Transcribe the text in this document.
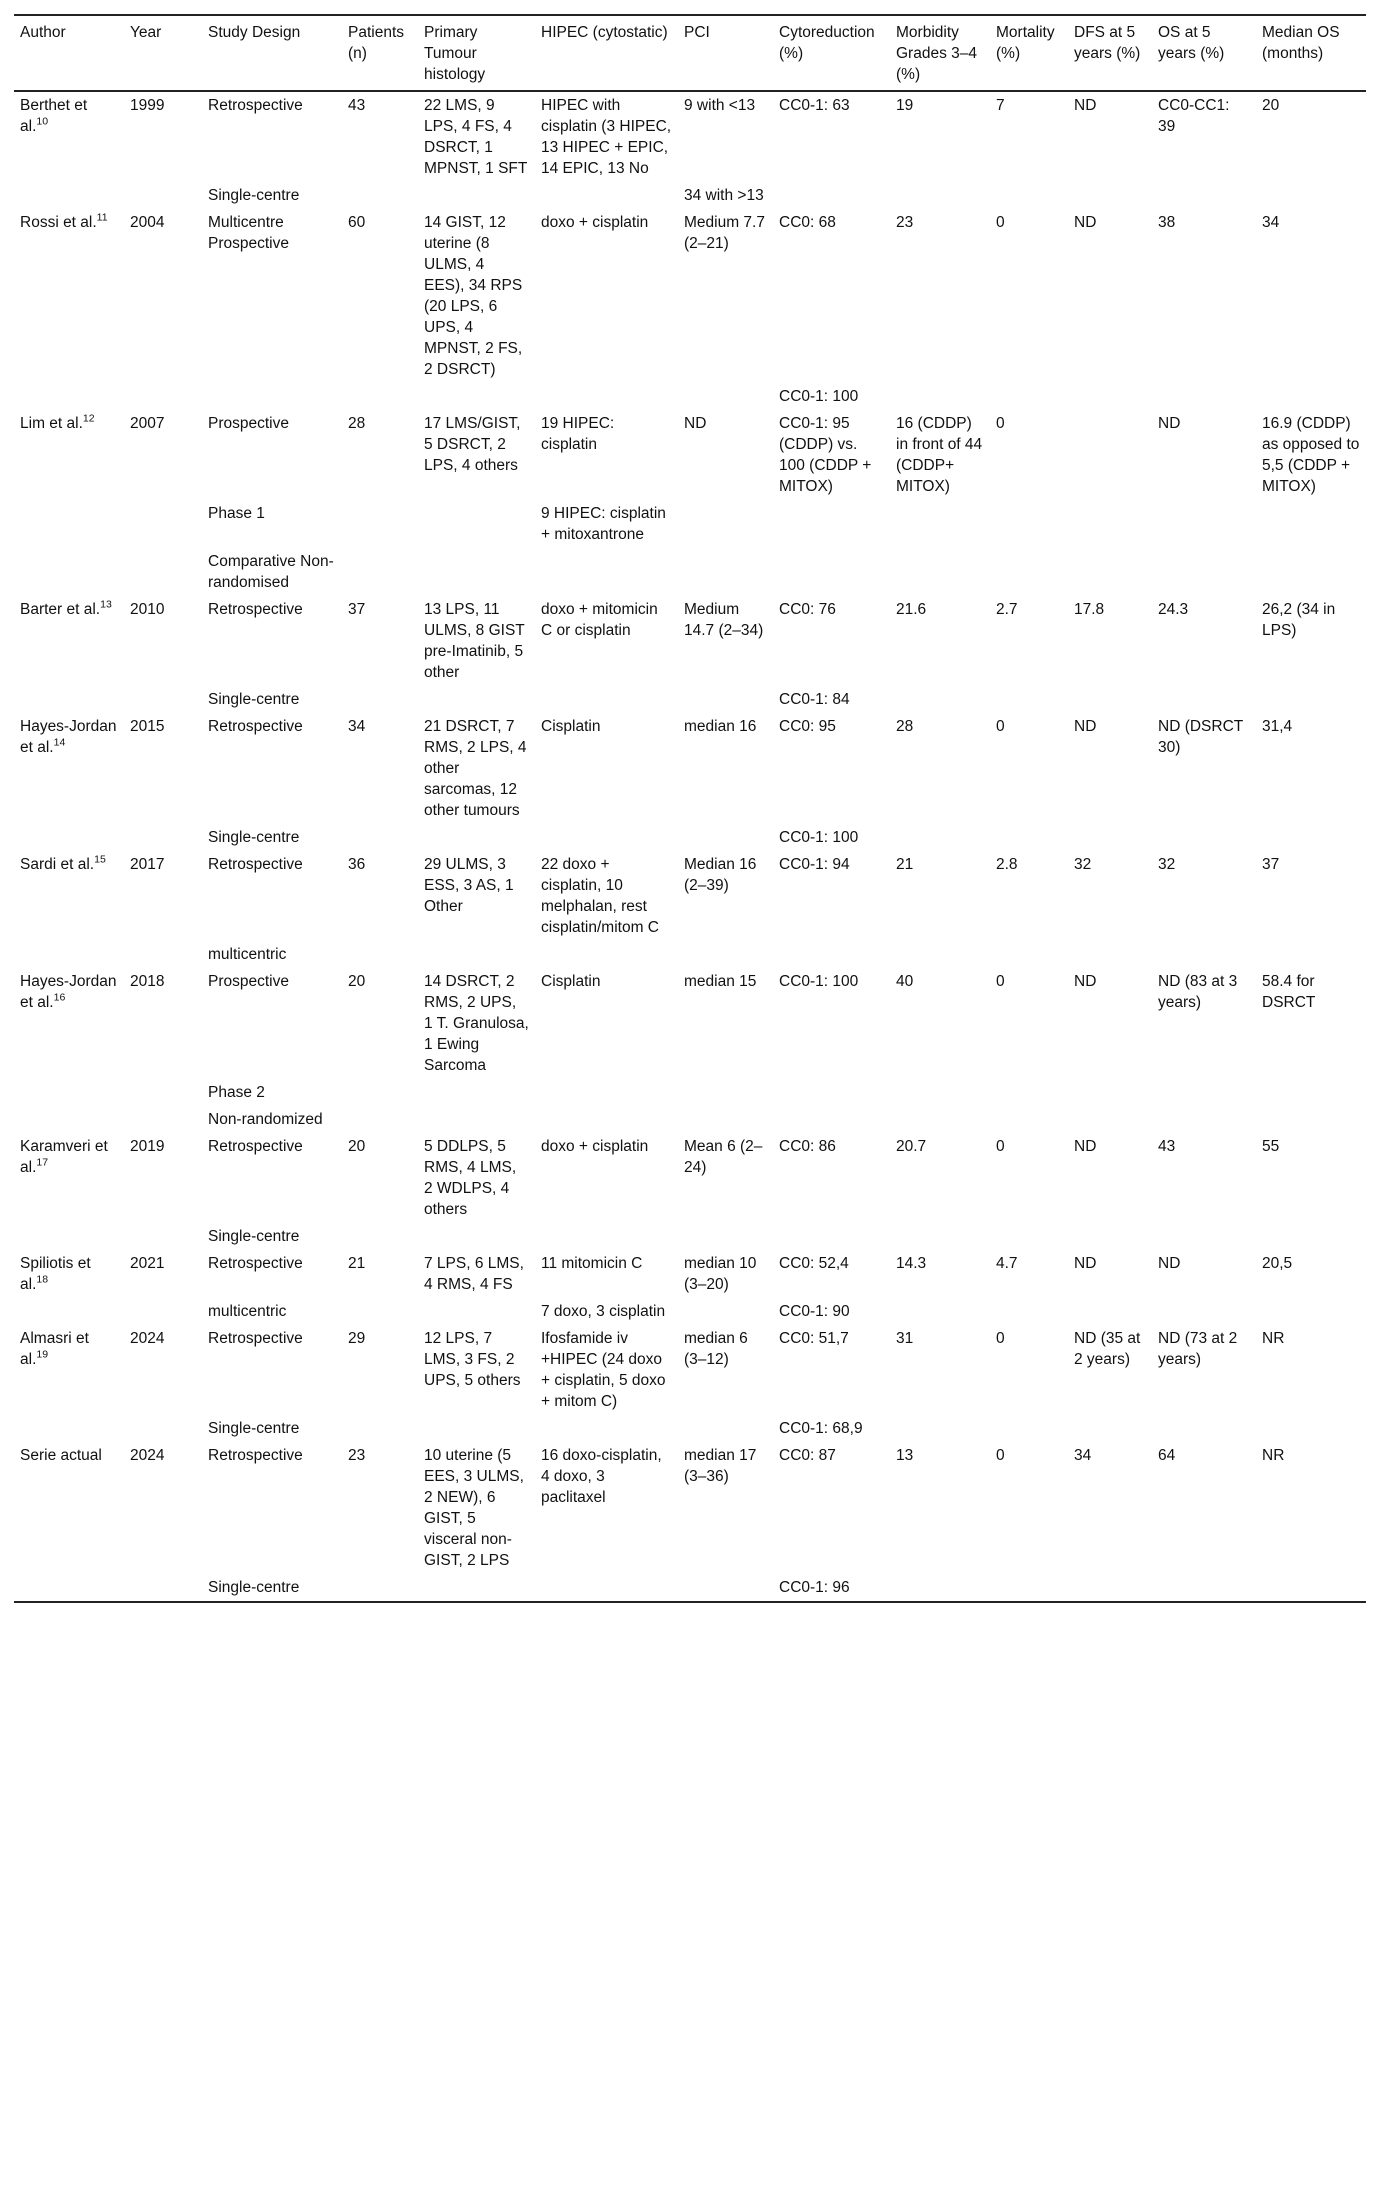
Author	Year	Study Design	Patients (n)	Primary Tumour histology	HIPEC (cytostatic)	PCI	Cytoreduction (%)	Morbidity Grades 3–4 (%)	Mortality (%)	DFS at 5 years (%)	OS at 5 years (%)	Median OS (months)
Berthet et al.$^{10}$	1999	Retrospective	43	22 LMS, 9 LPS, 4 FS, 4 DSRCT, 1 MPNST, 1 SFT	HIPEC with cisplatin (3 HIPEC, 13 HIPEC + EPIC, 14 EPIC, 13 No	9 with <13	CC0-1: 63	19	7	ND	CC0-CC1: 39	20
		Single-centre				34 with >13						
Rossi et al.$^{11}$	2004	Multicentre Prospective	60	14 GIST, 12 uterine (8 ULMS, 4 EES), 34 RPS (20 LPS, 6 UPS, 4 MPNST, 2 FS, 2 DSRCT)	doxo + cisplatin	Medium 7.7 (2–21)	CC0: 68	23	0	ND	38	34
							CC0-1: 100					
Lim et al.$^{12}$	2007	Prospective	28	17 LMS/GIST, 5 DSRCT, 2 LPS, 4 others	19 HIPEC: cisplatin	ND	CC0-1: 95 (CDDP) vs. 100 (CDDP + MITOX)	16 (CDDP) in front of 44 (CDDP+ MITOX)	0		ND	16.9 (CDDP) as opposed to 5,5 (CDDP + MITOX)
		Phase 1			9 HIPEC: cisplatin + mitoxantrone							
		Comparative Non-randomised										
Barter et al.$^{13}$	2010	Retrospective	37	13 LPS, 11 ULMS, 8 GIST pre-Imatinib, 5 other	doxo + mitomicin C or cisplatin	Medium 14.7 (2–34)	CC0: 76	21.6	2.7	17.8	24.3	26,2 (34 in LPS)
		Single-centre					CC0-1: 84					
Hayes-Jordan et al.$^{14}$	2015	Retrospective	34	21 DSRCT, 7 RMS, 2 LPS, 4 other sarcomas, 12 other tumours	Cisplatin	median 16	CC0: 95	28	0	ND	ND (DSRCT 30)	31,4
		Single-centre					CC0-1: 100					
Sardi et al.$^{15}$	2017	Retrospective	36	29 ULMS, 3 ESS, 3 AS, 1 Other	22 doxo + cisplatin, 10 melphalan, rest cisplatin/mitom C	Median 16 (2–39)	CC0-1: 94	21	2.8	32	32	37
		multicentric										
Hayes-Jordan et al.$^{16}$	2018	Prospective	20	14 DSRCT, 2 RMS, 2 UPS, 1 T. Granulosa, 1 Ewing Sarcoma	Cisplatin	median 15	CC0-1: 100	40	0	ND	ND (83 at 3 years)	58.4 for DSRCT
		Phase 2										
		Non-randomized										
Karamveri et al.$^{17}$	2019	Retrospective	20	5 DDLPS, 5 RMS, 4 LMS, 2 WDLPS, 4 others	doxo + cisplatin	Mean 6 (2–24)	CC0: 86	20.7	0	ND	43	55
		Single-centre										
Spiliotis et al.$^{18}$	2021	Retrospective	21	7 LPS, 6 LMS, 4 RMS, 4 FS	11 mitomicin C	median 10 (3–20)	CC0: 52,4	14.3	4.7	ND	ND	20,5
		multicentric			7 doxo, 3 cisplatin		CC0-1: 90					
Almasri et al.$^{19}$	2024	Retrospective	29	12 LPS, 7 LMS, 3 FS, 2 UPS, 5 others	Ifosfamide iv +HIPEC (24 doxo + cisplatin, 5 doxo + mitom C)	median 6 (3–12)	CC0: 51,7	31	0	ND (35 at 2 years)	ND (73 at 2 years)	NR
		Single-centre					CC0-1: 68,9					
Serie actual	2024	Retrospective	23	10 uterine (5 EES, 3 ULMS, 2 NEW), 6 GIST, 5 visceral non-GIST, 2 LPS	16 doxo-cisplatin, 4 doxo, 3 paclitaxel	median 17 (3–36)	CC0: 87	13	0	34	64	NR
		Single-centre					CC0-1: 96					
